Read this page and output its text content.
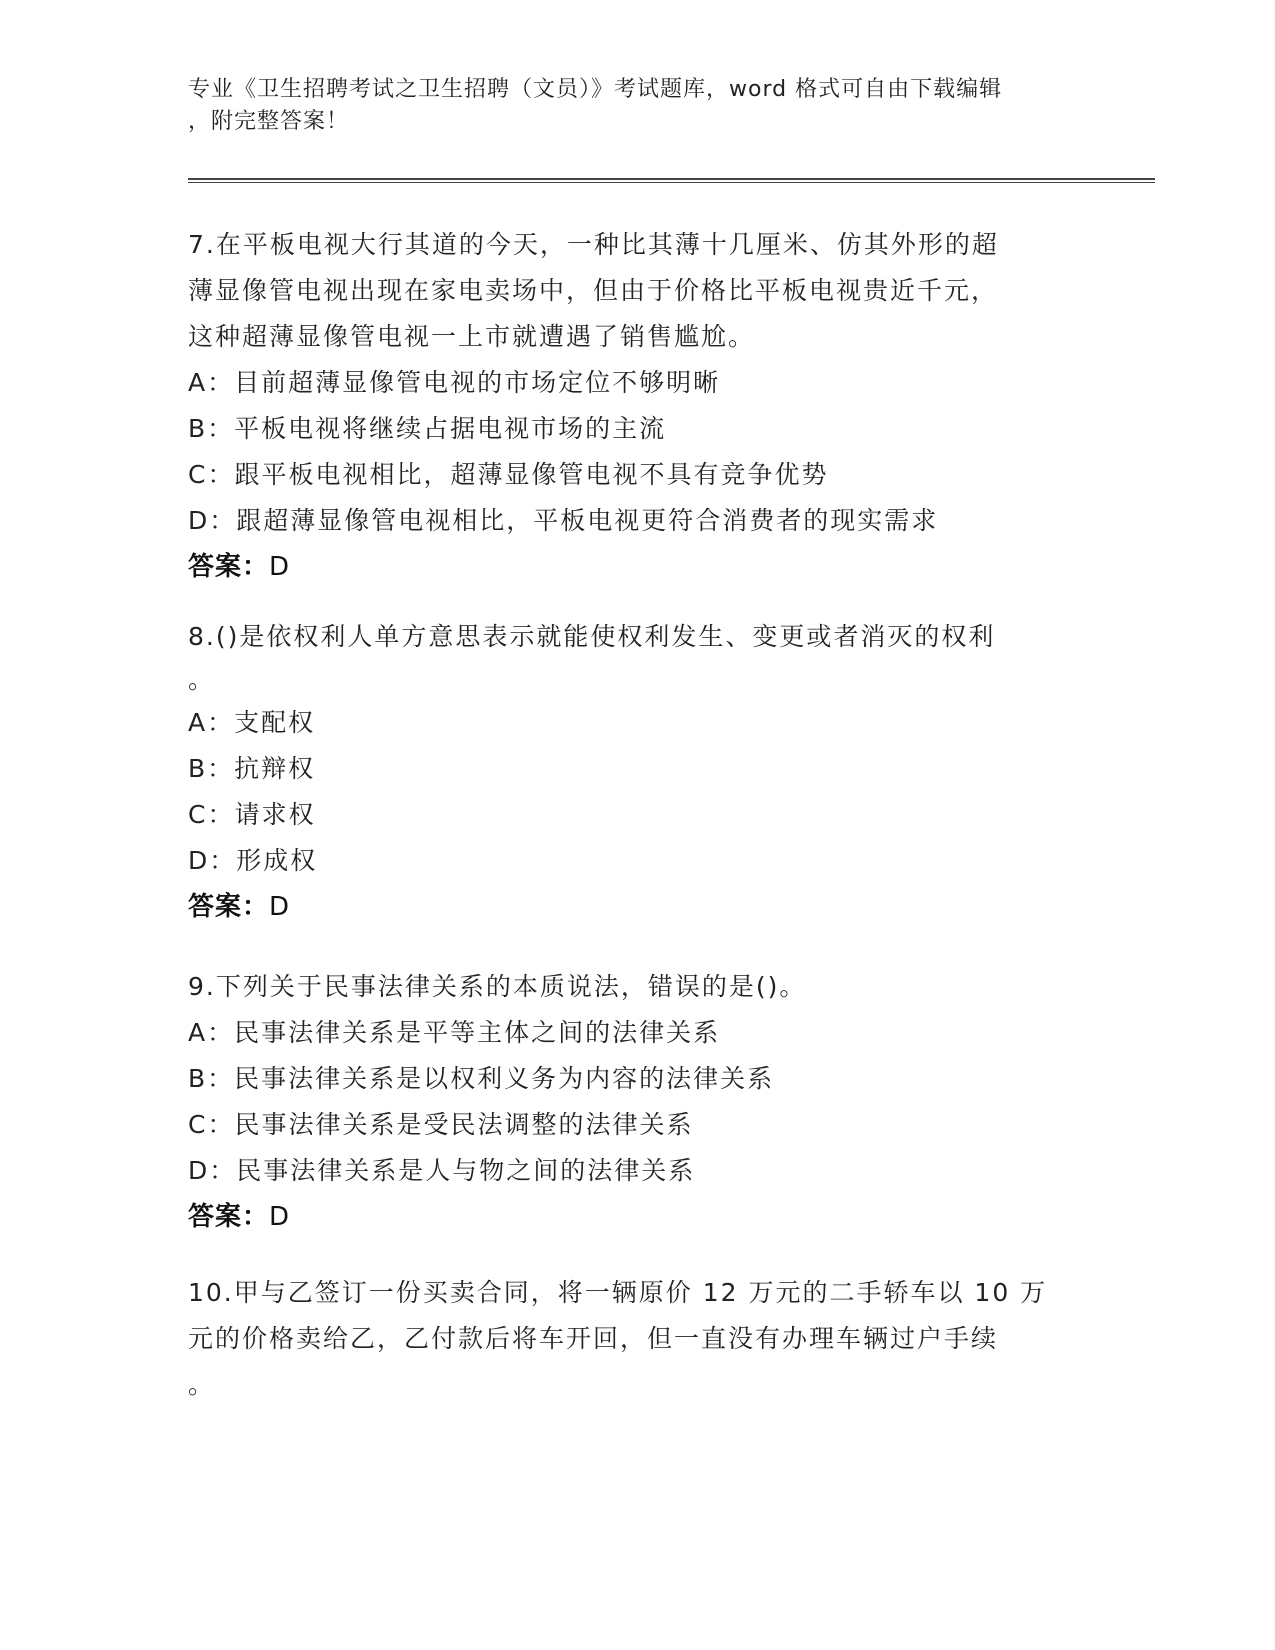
专业《卫生招聘考试之卫生招聘（文员）》考试题库，word 格式可自由下载编辑
，附完整答案！
7.在平板电视大行其道的今天，一种比其薄十几厘米、仿其外形的超
薄显像管电视出现在家电卖场中，但由于价格比平板电视贵近千元，
这种超薄显像管电视一上市就遭遇了销售尴尬。
A：目前超薄显像管电视的市场定位不够明晰
B：平板电视将继续占据电视市场的主流
C：跟平板电视相比，超薄显像管电视不具有竞争优势
D：跟超薄显像管电视相比，平板电视更符合消费者的现实需求
答案：D
8.()是依权利人单方意思表示就能使权利发生、变更或者消灭的权利
。
A：支配权
B：抗辩权
C：请求权
D：形成权
答案：D
9.下列关于民事法律关系的本质说法，错误的是()。
A：民事法律关系是平等主体之间的法律关系
B：民事法律关系是以权利义务为内容的法律关系
C：民事法律关系是受民法调整的法律关系
D：民事法律关系是人与物之间的法律关系
答案：D
10.甲与乙签订一份买卖合同，将一辆原价 12 万元的二手轿车以 10 万
元的价格卖给乙，乙付款后将车开回，但一直没有办理车辆过户手续
。
